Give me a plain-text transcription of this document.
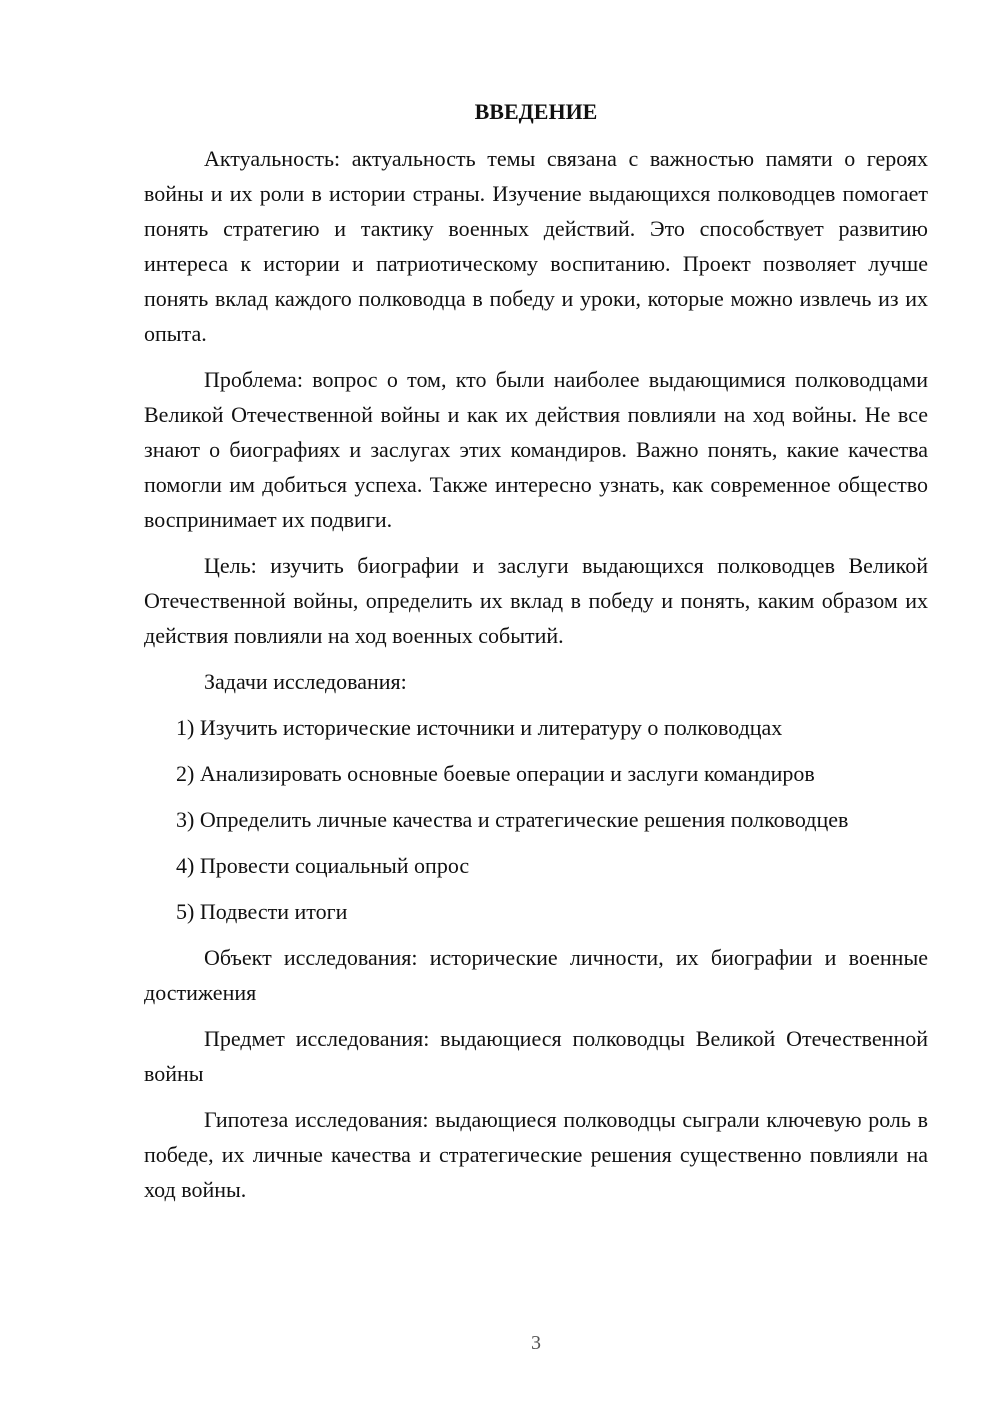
ВВЕДЕНИЕ

Актуальность: актуальность темы связана с важностью памяти о героях войны и их роли в истории страны. Изучение выдающихся полководцев помогает понять стратегию и тактику военных действий. Это способствует развитию интереса к истории и патриотическому воспитанию. Проект позволяет лучше понять вклад каждого полководца в победу и уроки, которые можно извлечь из их опыта.

Проблема: вопрос о том, кто были наиболее выдающимися полководцами Великой Отечественной войны и как их действия повлияли на ход войны. Не все знают о биографиях и заслугах этих командиров. Важно понять, какие качества помогли им добиться успеха. Также интересно узнать, как современное общество воспринимает их подвиги.

Цель: изучить биографии и заслуги выдающихся полководцев Великой Отечественной войны, определить их вклад в победу и понять, каким образом их действия повлияли на ход военных событий.

Задачи исследования:

1) Изучить исторические источники и литературу о полководцах

2) Анализировать основные боевые операции и заслуги командиров

3) Определить личные качества и стратегические решения полководцев

4) Провести социальный опрос

5) Подвести итоги

Объект исследования: исторические личности, их биографии и военные достижения

Предмет исследования: выдающиеся полководцы Великой Отечественной войны

Гипотеза исследования: выдающиеся полководцы сыграли ключевую роль в победе, их личные качества и стратегические решения существенно повлияли на ход войны.

3
